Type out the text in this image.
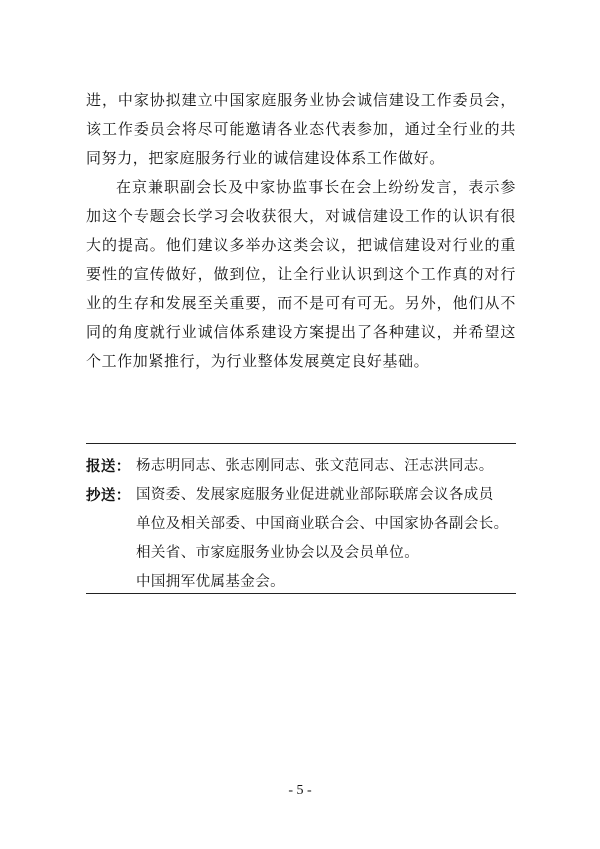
进，中家协拟建立中国家庭服务业协会诚信建设工作委员会，该工作委员会将尽可能邀请各业态代表参加，通过全行业的共同努力，把家庭服务行业的诚信建设体系工作做好。

在京兼职副会长及中家协监事长在会上纷纷发言，表示参加这个专题会长学习会收获很大，对诚信建设工作的认识有很大的提高。他们建议多举办这类会议，把诚信建设对行业的重要性的宣传做好，做到位，让全行业认识到这个工作真的对行业的生存和发展至关重要，而不是可有可无。另外，他们从不同的角度就行业诚信体系建设方案提出了各种建议，并希望这个工作加紧推行，为行业整体发展奠定良好基础。

报送： 杨志明同志、张志刚同志、张文范同志、汪志洪同志。
抄送： 国资委、发展家庭服务业促进就业部际联席会议各成员
单位及相关部委、中国商业联合会、中国家协各副会长。
相关省、市家庭服务业协会以及会员单位。
中国拥军优属基金会。
- 5 -
